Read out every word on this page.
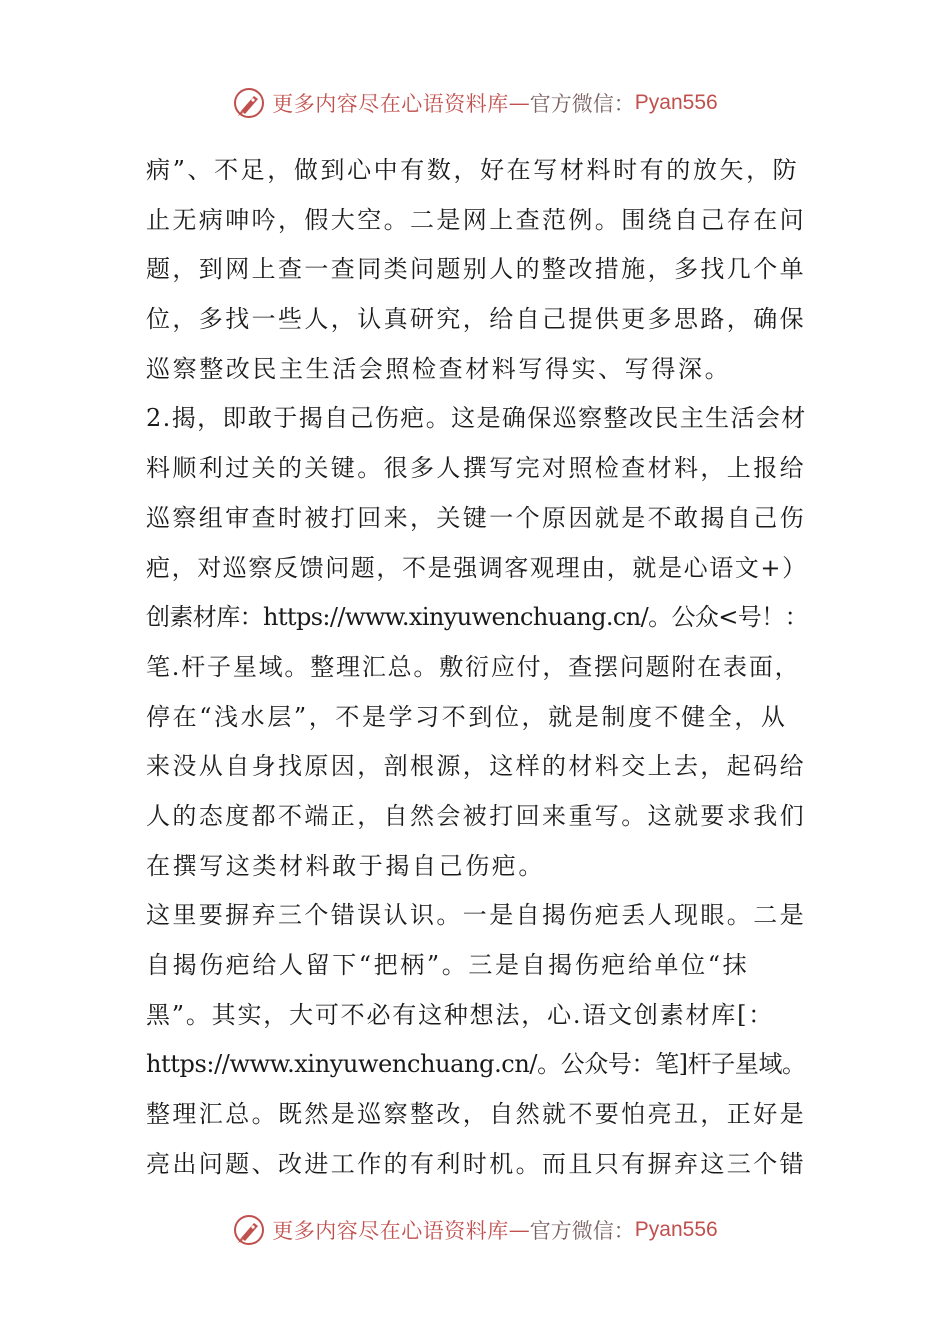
更多内容尽在心语资料库 — 官方微信： Pyan556
病”、不足，做到心中有数，好在写材料时有的放矢，防
止无病呻吟，假大空。二是网上查范例。围绕自己存在问
题，到网上查一查同类问题别人的整改措施，多找几个单
位，多找一些人，认真研究，给自己提供更多思路，确保
巡察整改民主生活会照检查材料写得实、写得深。
2.揭，即敢于揭自己伤疤。这是确保巡察整改民主生活会材
料顺利过关的关键。很多人撰写完对照检查材料，上报给
巡察组审查时被打回来，关键一个原因就是不敢揭自己伤
疤，对巡察反馈问题，不是强调客观理由，就是心语文+）
创素材库：https://www.xinyuwenchuang.cn/。公众<号！：
笔.杆子星域。整理汇总。敷衍应付，查摆问题附在表面，
停在“浅水层”，不是学习不到位，就是制度不健全，从
来没从自身找原因，剖根源，这样的材料交上去，起码给
人的态度都不端正，自然会被打回来重写。这就要求我们
在撰写这类材料敢于揭自己伤疤。
这里要摒弃三个错误认识。一是自揭伤疤丢人现眼。二是
自揭伤疤给人留下“把柄”。三是自揭伤疤给单位“抹
黑”。其实，大可不必有这种想法，心.语文创素材库[：
https://www.xinyuwenchuang.cn/。公众号：笔]杆子星域。
整理汇总。既然是巡察整改，自然就不要怕亮丑，正好是
亮出问题、改进工作的有利时机。而且只有摒弃这三个错
更多内容尽在心语资料库 — 官方微信： Pyan556
